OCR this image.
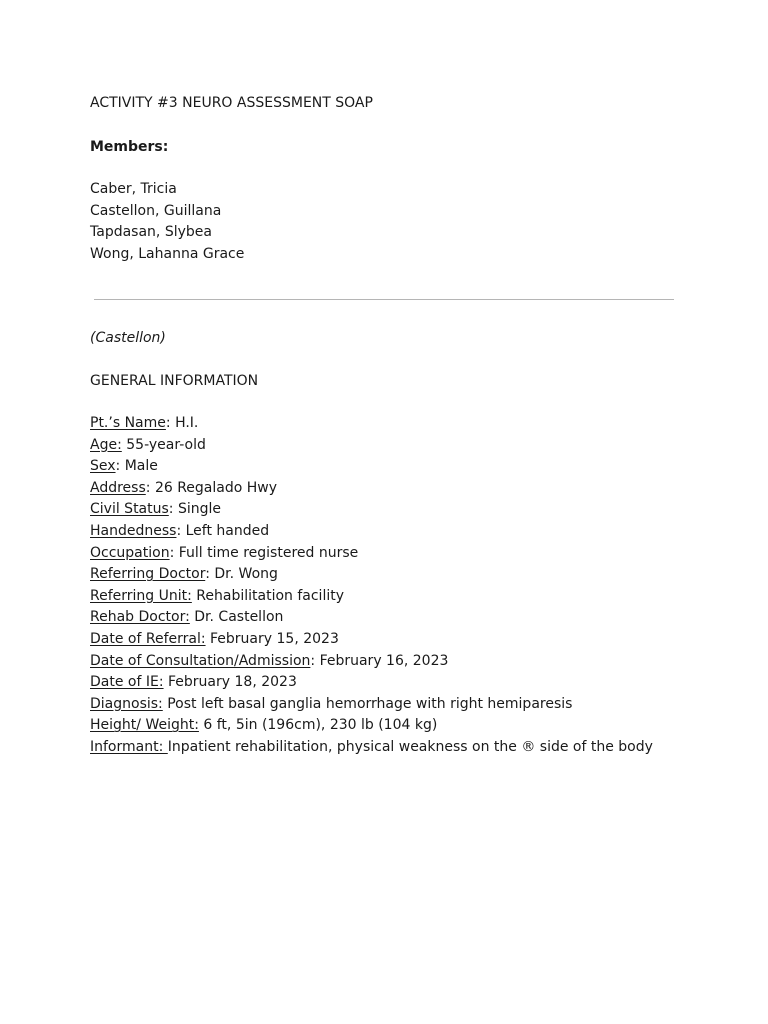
ACTIVITY #3 NEURO ASSESSMENT SOAP
Members:
Caber, Tricia
Castellon, Guillana
Tapdasan, Slybea
Wong, Lahanna Grace

(Castellon)

GENERAL INFORMATION
Pt.’s Name: H.I.
Age: 55-year-old
Sex: Male
Address: 26 Regalado Hwy
Civil Status: Single
Handedness: Left handed
Occupation: Full time registered nurse
Referring Doctor: Dr. Wong
Referring Unit: Rehabilitation facility
Rehab Doctor: Dr. Castellon
Date of Referral: February 15, 2023
Date of Consultation/Admission: February 16, 2023
Date of IE: February 18, 2023
Diagnosis: Post left basal ganglia hemorrhage with right hemiparesis
Height/ Weight: 6 ft, 5in (196cm), 230 lb (104 kg)
Informant: Inpatient rehabilitation, physical weakness on the ® side of the body
